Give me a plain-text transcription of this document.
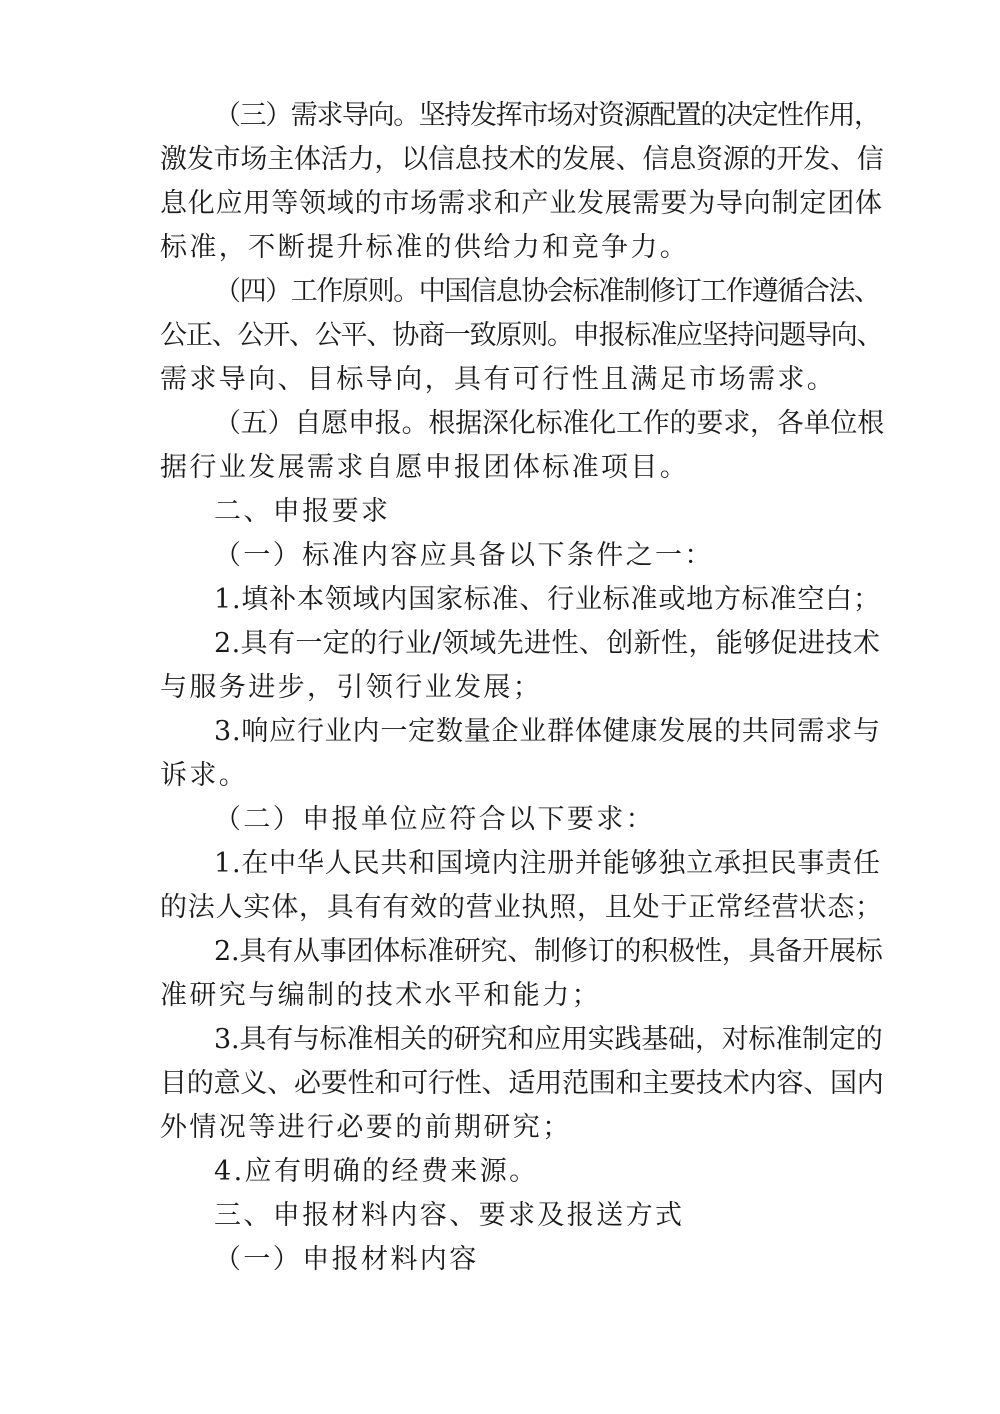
（三）需求导向。坚持发挥市场对资源配置的决定性作用，
激发市场主体活力，以信息技术的发展、信息资源的开发、信
息化应用等领域的市场需求和产业发展需要为导向制定团体
标准，不断提升标准的供给力和竞争力。
（四）工作原则。中国信息协会标准制修订工作遵循合法、
公正、公开、公平、协商一致原则。申报标准应坚持问题导向、
需求导向、目标导向，具有可行性且满足市场需求。
（五）自愿申报。根据深化标准化工作的要求，各单位根
据行业发展需求自愿申报团体标准项目。
二、申报要求
（一）标准内容应具备以下条件之一：
1.填补本领域内国家标准、行业标准或地方标准空白；
2.具有一定的行业/领域先进性、创新性，能够促进技术
与服务进步，引领行业发展；
3.响应行业内一定数量企业群体健康发展的共同需求与
诉求。
（二）申报单位应符合以下要求：
1.在中华人民共和国境内注册并能够独立承担民事责任
的法人实体，具有有效的营业执照，且处于正常经营状态；
2.具有从事团体标准研究、制修订的积极性，具备开展标
准研究与编制的技术水平和能力；
3.具有与标准相关的研究和应用实践基础，对标准制定的
目的意义、必要性和可行性、适用范围和主要技术内容、国内
外情况等进行必要的前期研究；
4.应有明确的经费来源。
三、申报材料内容、要求及报送方式
（一）申报材料内容
